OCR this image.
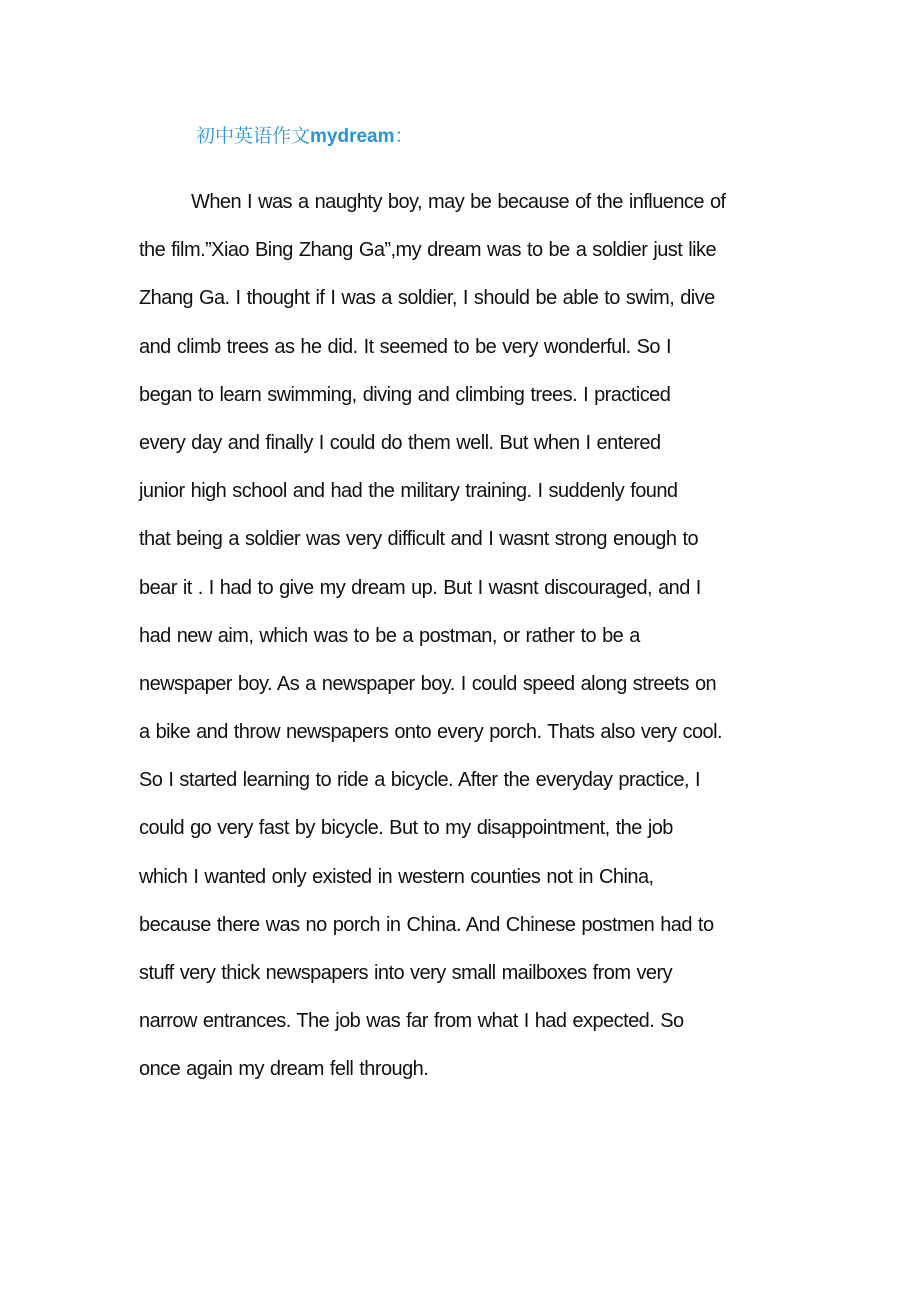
初中英语作文mydream：
When I was a naughty boy, may be because of the influence of
the film.”Xiao Bing Zhang Ga”,my dream was to be a soldier just like
Zhang Ga. I thought if I was a soldier, I should be able to swim, dive
and climb trees as he did. It seemed to be very wonderful. So I
began to learn swimming, diving and climbing trees. I practiced
every day and finally I could do them well. But when I entered
junior high school and had the military training. I suddenly found
that being a soldier was very difficult and I wasnt strong enough to
bear it . I had to give my dream up. But I wasnt discouraged, and I
had new aim, which was to be a postman, or rather to be a
newspaper boy. As a newspaper boy. I could speed along streets on
a bike and throw newspapers onto every porch. Thats also very cool.
So I started learning to ride a bicycle. After the everyday practice, I
could go very fast by bicycle. But to my disappointment, the job
which I wanted only existed in western counties not in China,
because there was no porch in China. And Chinese postmen had to
stuff very thick newspapers into very small mailboxes from very
narrow entrances. The job was far from what I had expected. So
once again my dream fell through.
